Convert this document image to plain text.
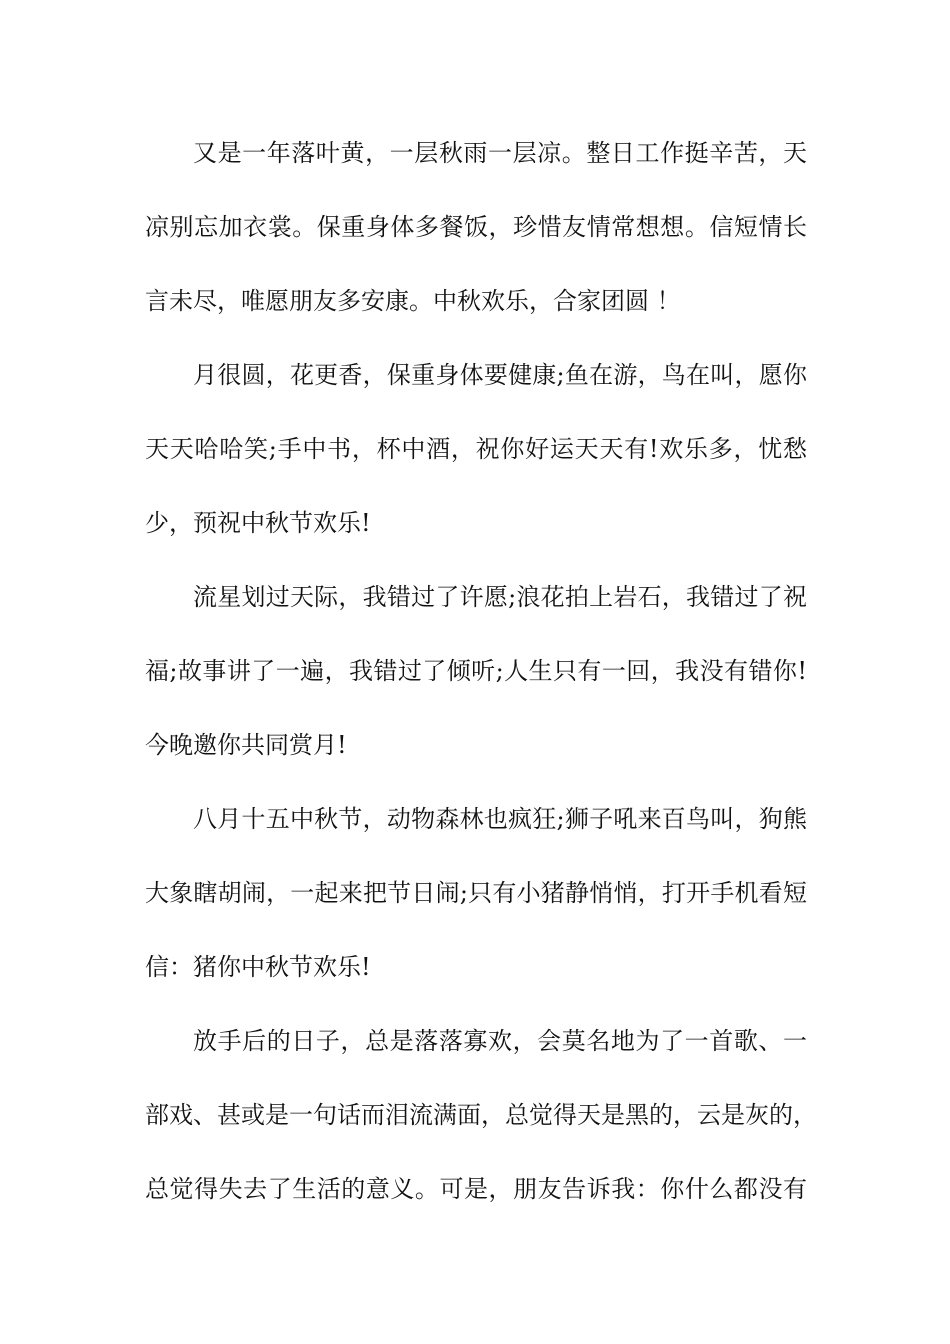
又是一年落叶黄，一层秋雨一层凉。整日工作挺辛苦，天
凉别忘加衣裳。保重身体多餐饭，珍惜友情常想想。信短情长
言未尽，唯愿朋友多安康。中秋欢乐，合家团圆 ！
月很圆，花更香，保重身体要健康;鱼在游，鸟在叫，愿你
天天哈哈笑;手中书，杯中酒，祝你好运天天有!欢乐多，忧愁
少，预祝中秋节欢乐!
流星划过天际，我错过了许愿;浪花拍上岩石，我错过了祝
福;故事讲了一遍，我错过了倾听;人生只有一回，我没有错你!
今晚邀你共同赏月!
八月十五中秋节，动物森林也疯狂;狮子吼来百鸟叫，狗熊
大象瞎胡闹，一起来把节日闹;只有小猪静悄悄，打开手机看短
信：猪你中秋节欢乐!
放手后的日子，总是落落寡欢，会莫名地为了一首歌、一
部戏、甚或是一句话而泪流满面，总觉得天是黑的，云是灰的，
总觉得失去了生活的意义。可是，朋友告诉我：你什么都没有
